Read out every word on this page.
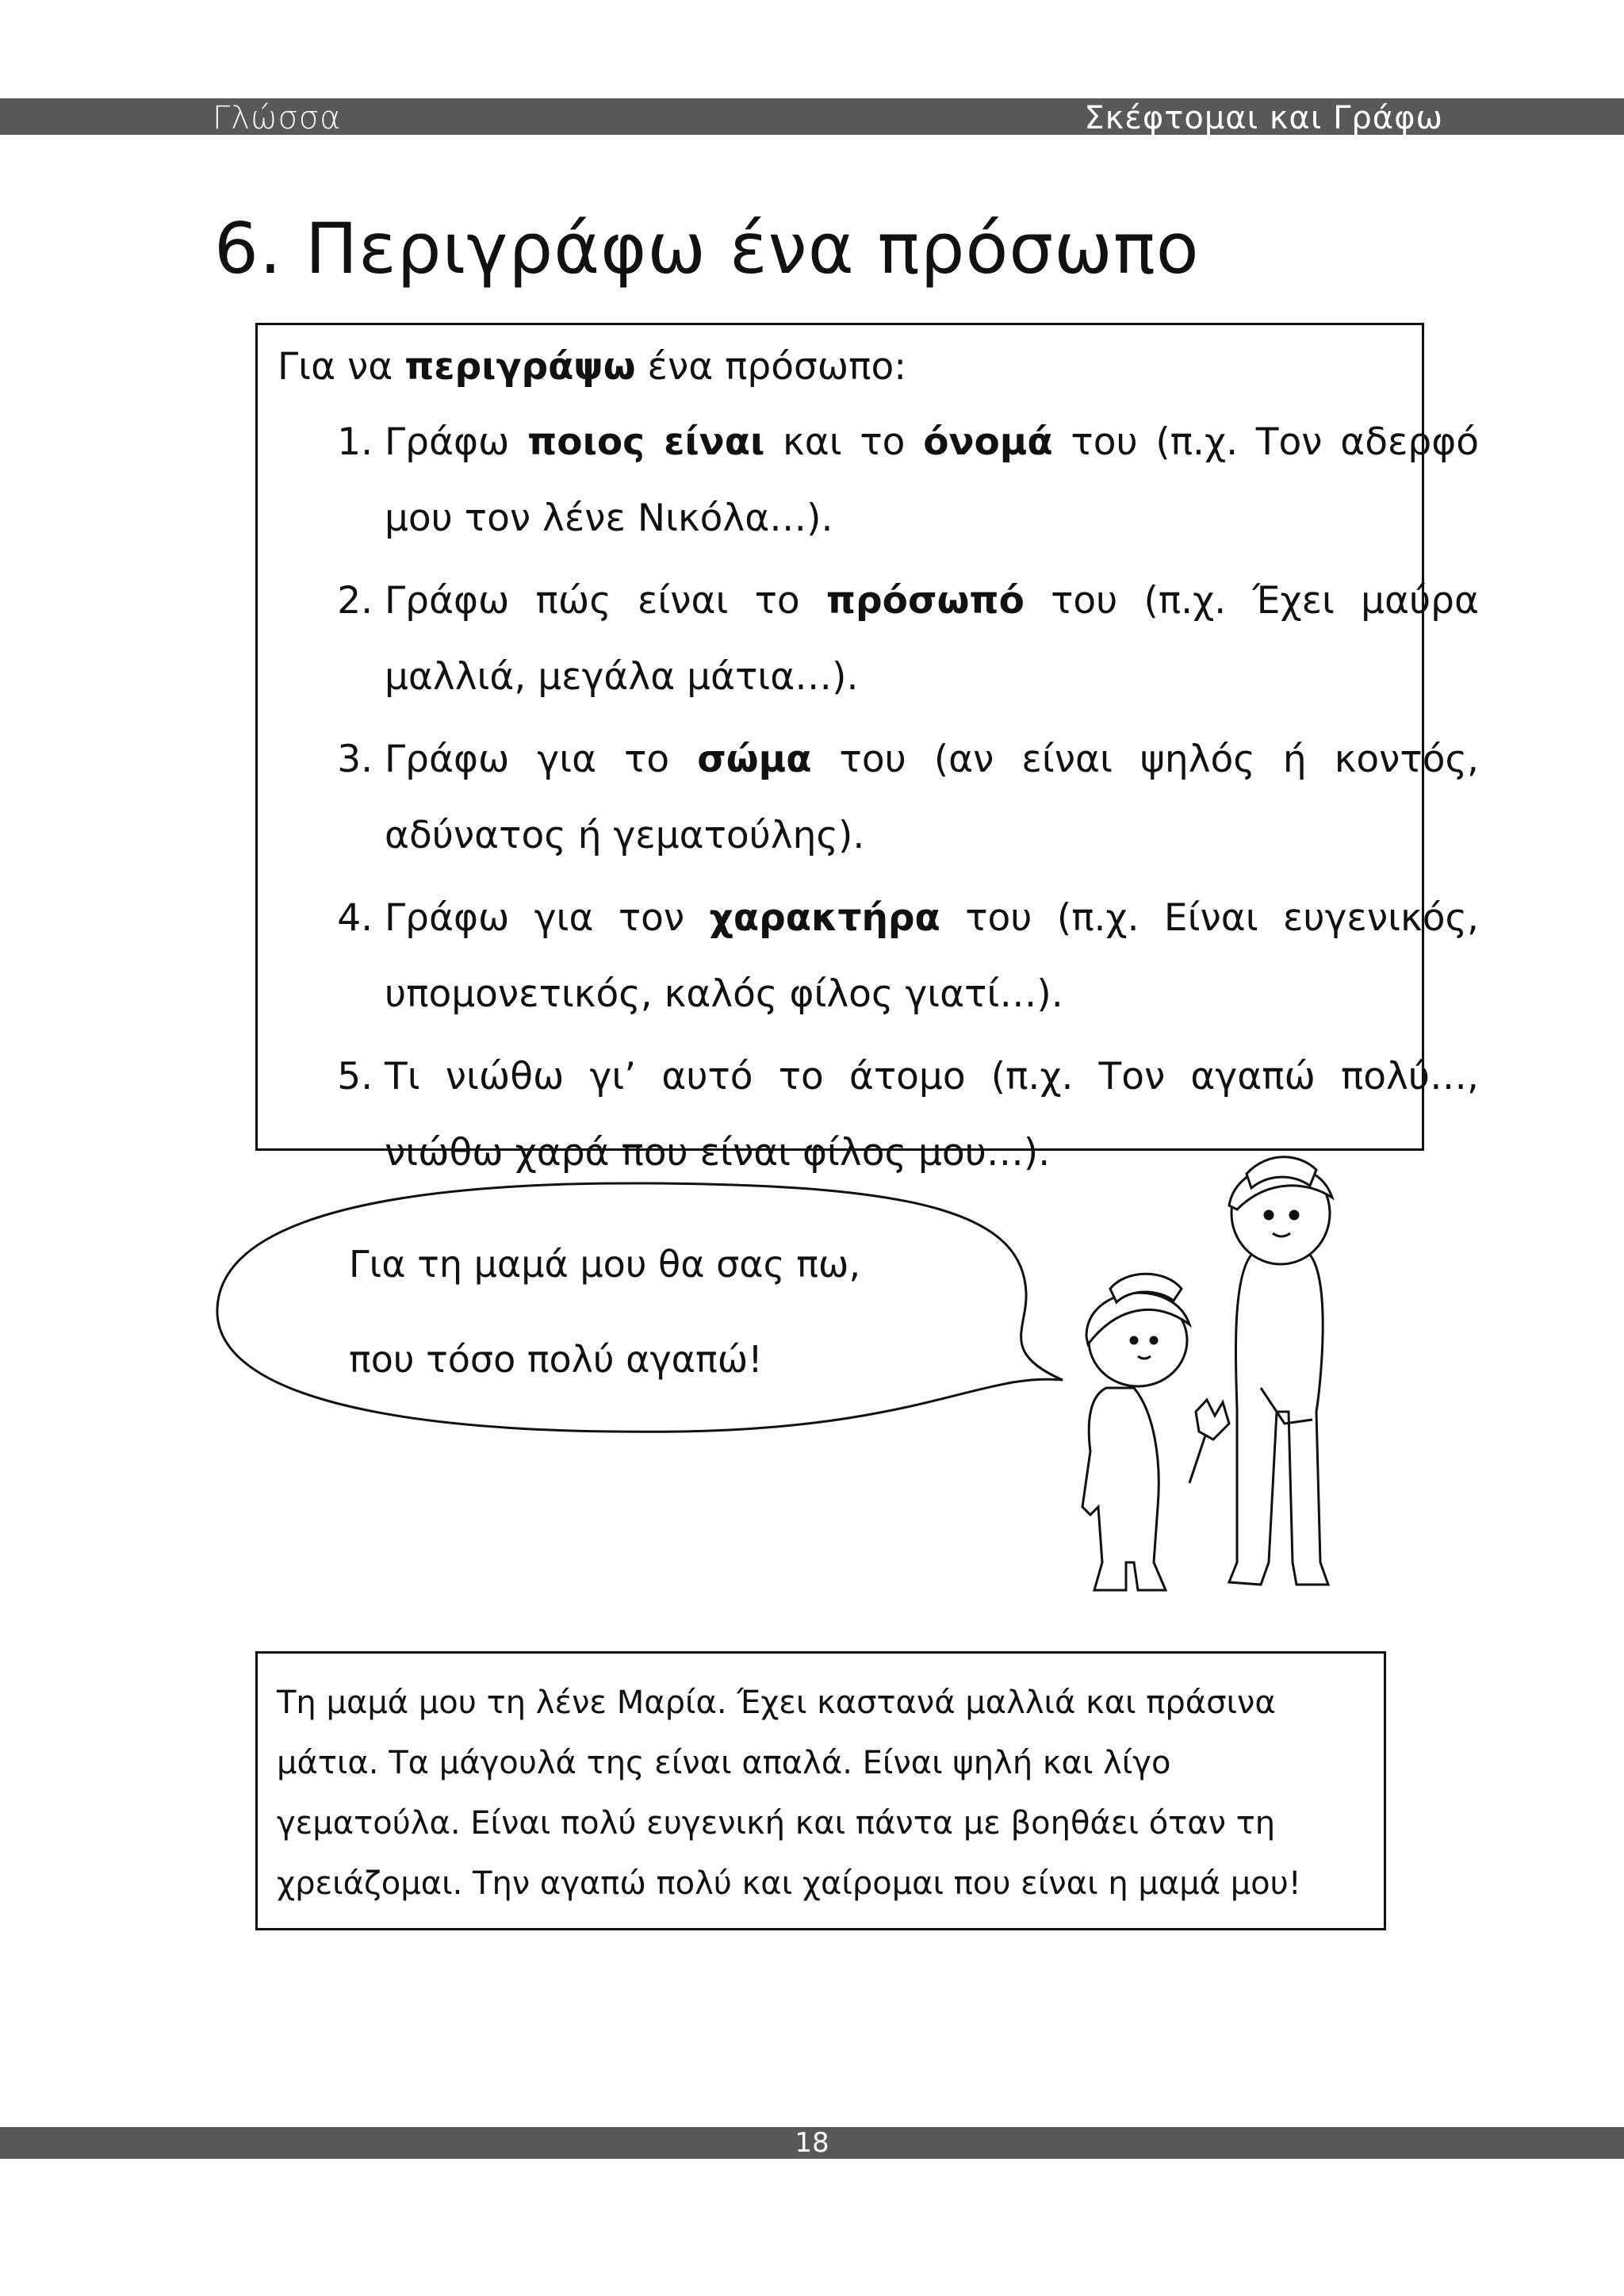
Γλώσσα	Σκέφτομαι και Γράφω
6. Περιγράφω ένα πρόσωπο
Για να περιγράψω ένα πρόσωπο:
1. Γράφω ποιος είναι και το όνομά του (π.χ. Τον αδερφό μου τον λένε Νικόλα…).
2. Γράφω πώς είναι το πρόσωπό του (π.χ. Έχει μαύρα μαλλιά, μεγάλα μάτια…).
3. Γράφω για το σώμα του (αν είναι ψηλός ή κοντός, αδύνατος ή γεματούλης).
4. Γράφω για τον χαρακτήρα του (π.χ. Είναι ευγενικός, υπομονετικός, καλός φίλος γιατί…).
5. Τι νιώθω γι’ αυτό το άτομο (π.χ. Τον αγαπώ πολύ…, νιώθω χαρά που είναι φίλος μου…).
Για τη μαμά μου θα σας πω,
που τόσο πολύ αγαπώ!

Τη μαμά μου τη λένε Μαρία. Έχει καστανά μαλλιά και πράσινα μάτια. Τα μάγουλά της είναι απαλά. Είναι ψηλή και λίγο γεματούλα. Είναι πολύ ευγενική και πάντα με βοηθάει όταν τη χρειάζομαι. Την αγαπώ πολύ και χαίρομαι που είναι η μαμά μου!

18
